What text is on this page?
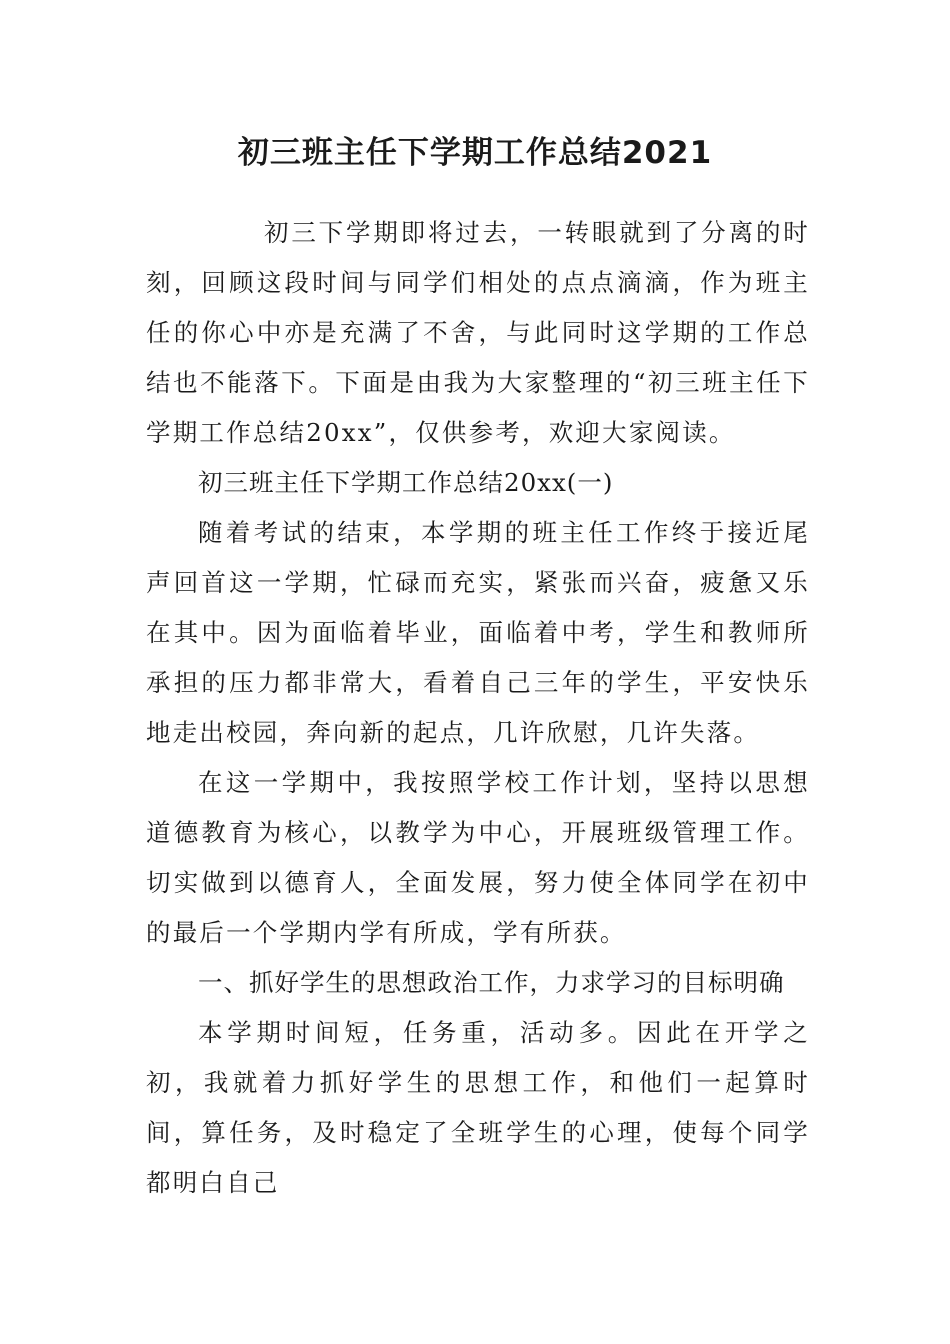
初三班主任下学期工作总结2021

初三下学期即将过去，一转眼就到了分离的时刻，回顾这段时间与同学们相处的点点滴滴，作为班主任的你心中亦是充满了不舍，与此同时这学期的工作总结也不能落下。下面是由我为大家整理的“初三班主任下学期工作总结20xx”，仅供参考，欢迎大家阅读。

初三班主任下学期工作总结20xx(一)

随着考试的结束，本学期的班主任工作终于接近尾声回首这一学期，忙碌而充实，紧张而兴奋，疲惫又乐在其中。因为面临着毕业，面临着中考，学生和教师所承担的压力都非常大，看着自己三年的学生，平安快乐地走出校园，奔向新的起点，几许欣慰，几许失落。

在这一学期中，我按照学校工作计划，坚持以思想道德教育为核心，以教学为中心，开展班级管理工作。切实做到以德育人，全面发展，努力使全体同学在初中的最后一个学期内学有所成，学有所获。

一、抓好学生的思想政治工作，力求学习的目标明确

本学期时间短，任务重，活动多。因此在开学之初，我就着力抓好学生的思想工作，和他们一起算时间，算任务，及时稳定了全班学生的心理，使每个同学都明白自己
